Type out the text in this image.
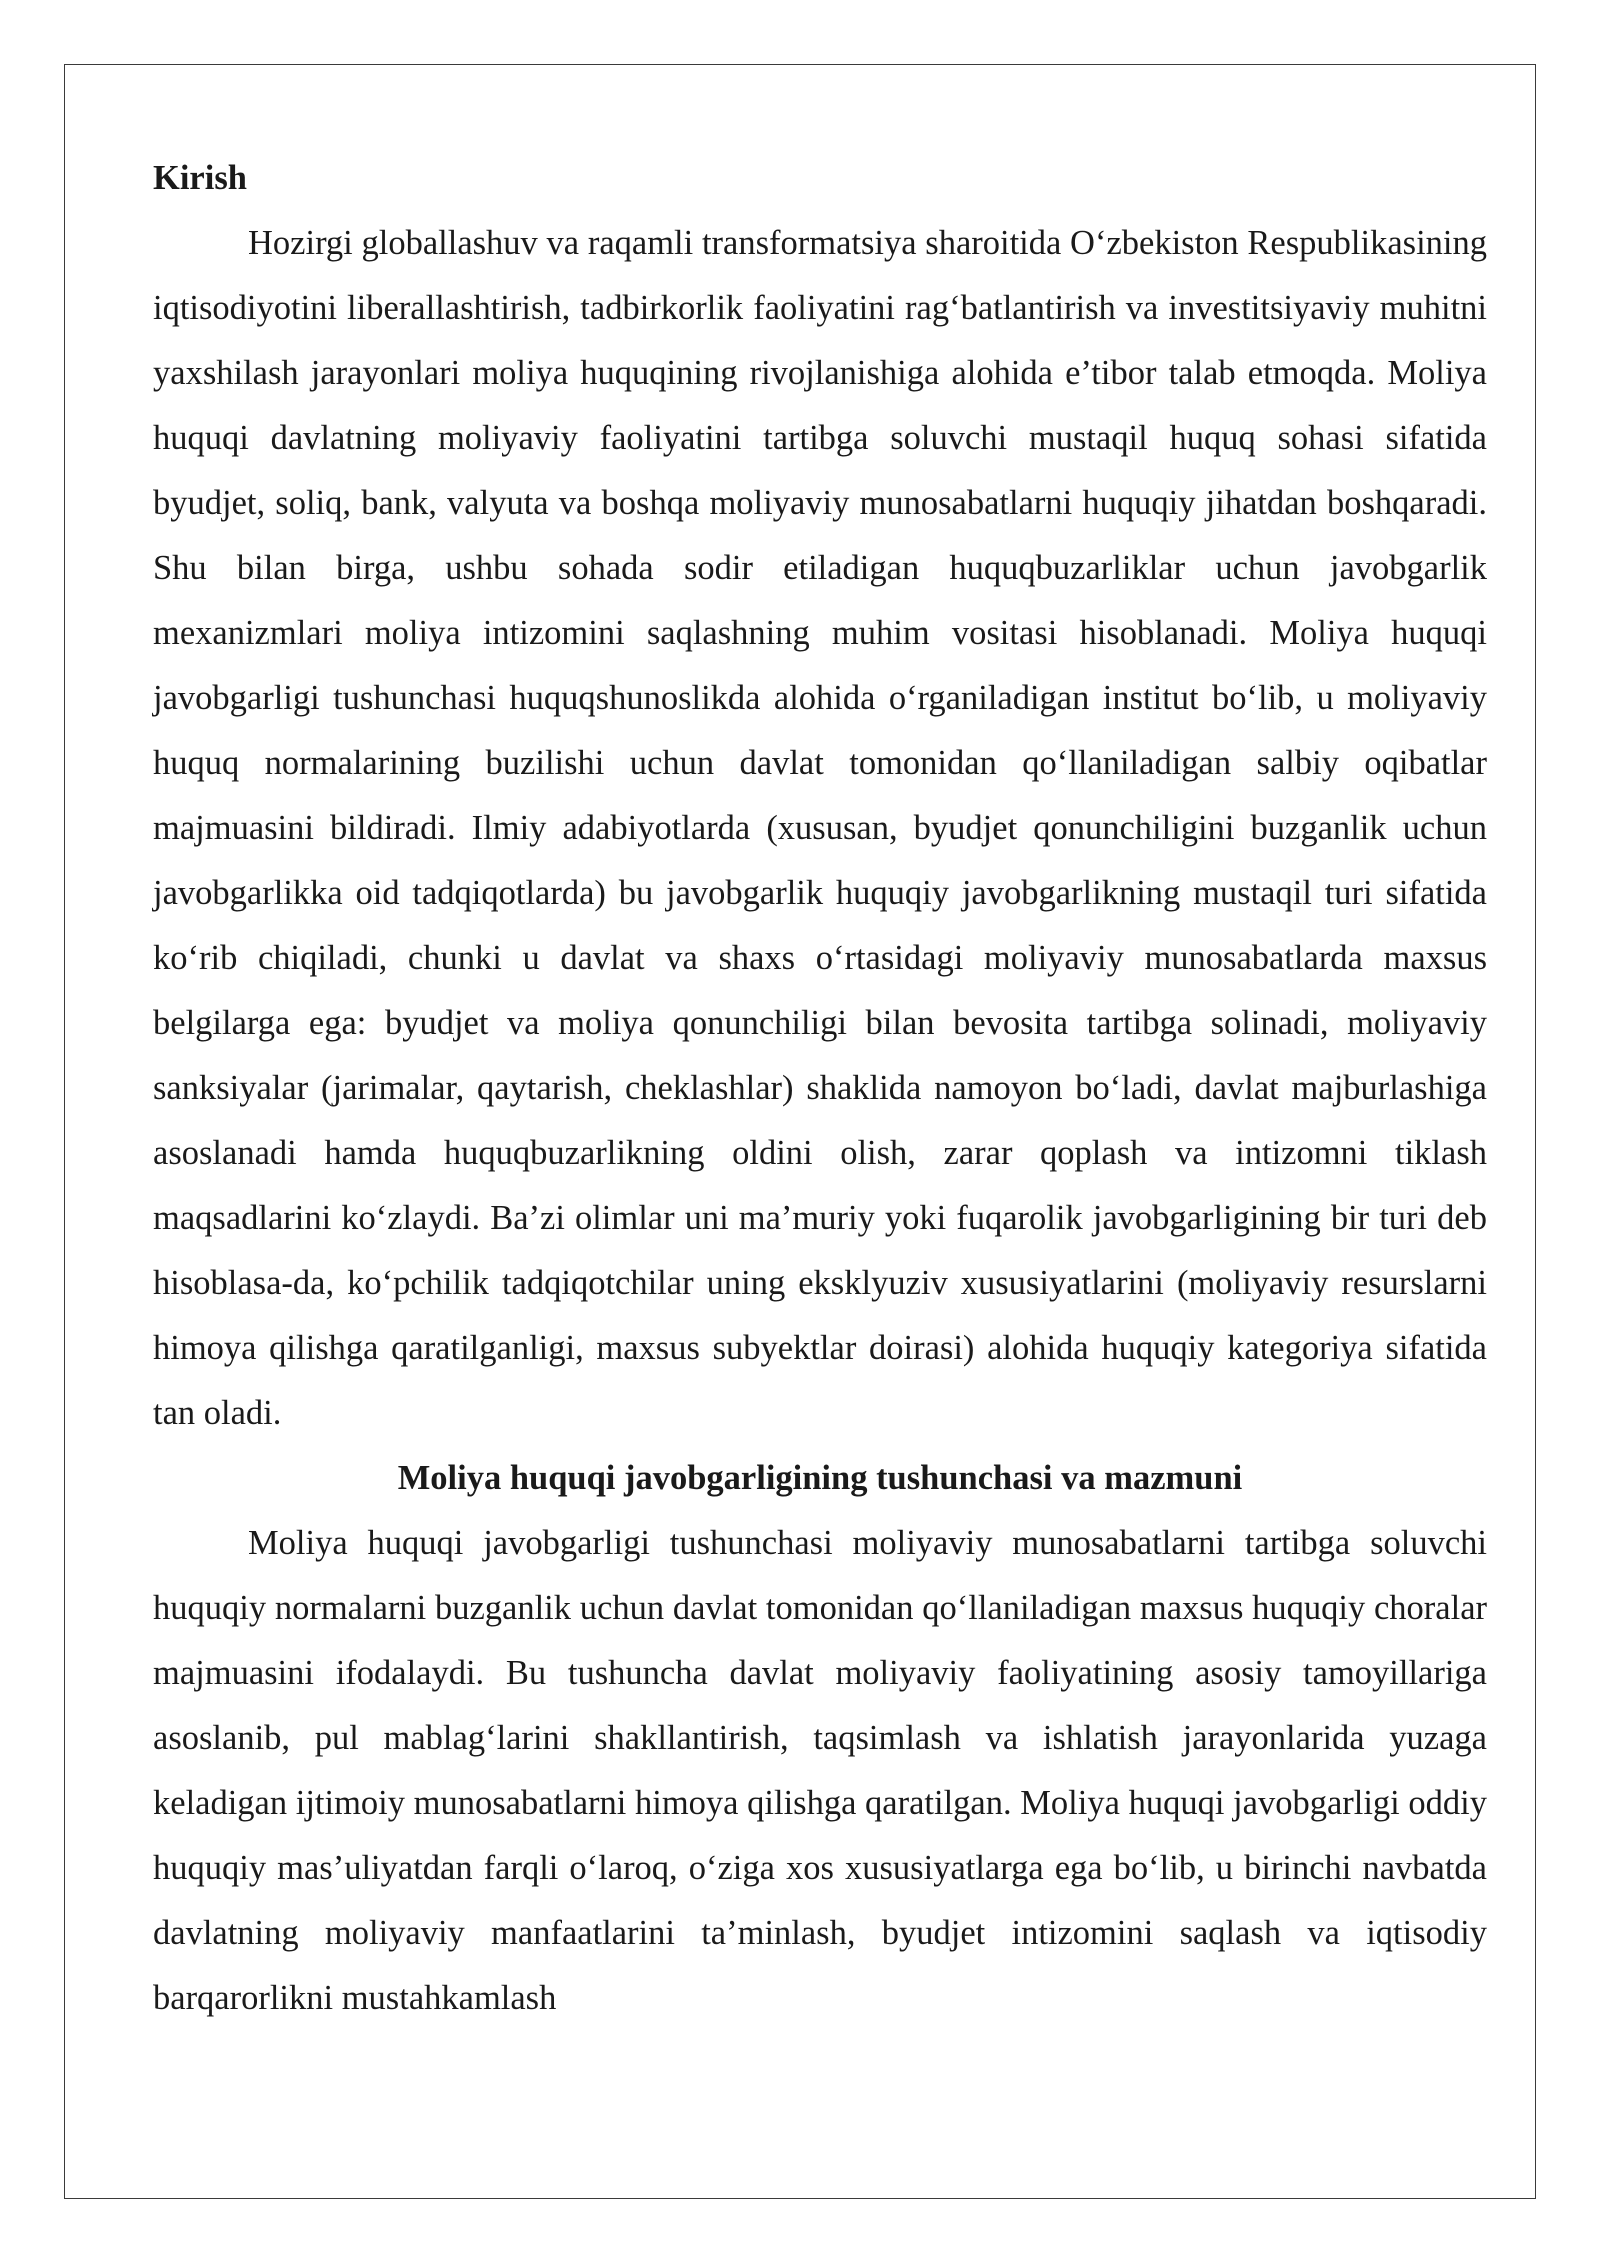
Kirish

Hozirgi globallashuv va raqamli transformatsiya sharoitida O‘zbekiston Respublikasining iqtisodiyotini liberallashtirish, tadbirkorlik faoliyatini rag‘batlantirish va investitsiyaviy muhitni yaxshilash jarayonlari moliya huquqining rivojlanishiga alohida e’tibor talab etmoqda. Moliya huquqi davlatning moliyaviy faoliyatini tartibga soluvchi mustaqil huquq sohasi sifatida byudjet, soliq, bank, valyuta va boshqa moliyaviy munosabatlarni huquqiy jihatdan boshqaradi. Shu bilan birga, ushbu sohada sodir etiladigan huquqbuzarliklar uchun javobgarlik mexanizmlari moliya intizomini saqlashning muhim vositasi hisoblanadi. Moliya huquqi javobgarligi tushunchasi huquqshunoslikda alohida o‘rganiladigan institut bo‘lib, u moliyaviy huquq normalarining buzilishi uchun davlat tomonidan qo‘llaniladigan salbiy oqibatlar majmuasini bildiradi. Ilmiy adabiyotlarda (xususan, byudjet qonunchiligini buzganlik uchun javobgarlikka oid tadqiqotlarda) bu javobgarlik huquqiy javobgarlikning mustaqil turi sifatida ko‘rib chiqiladi, chunki u davlat va shaxs o‘rtasidagi moliyaviy munosabatlarda maxsus belgilarga ega: byudjet va moliya qonunchiligi bilan bevosita tartibga solinadi, moliyaviy sanksiyalar (jarimalar, qaytarish, cheklashlar) shaklida namoyon bo‘ladi, davlat majburlashiga asoslanadi hamda huquqbuzarlikning oldini olish, zarar qoplash va intizomni tiklash maqsadlarini ko‘zlaydi. Ba’zi olimlar uni ma’muriy yoki fuqarolik javobgarligining bir turi deb hisoblasa-da, ko‘pchilik tadqiqotchilar uning eksklyuziv xususiyatlarini (moliyaviy resurslarni himoya qilishga qaratilganligi, maxsus subyektlar doirasi) alohida huquqiy kategoriya sifatida tan oladi.

Moliya huquqi javobgarligining tushunchasi va mazmuni

Moliya huquqi javobgarligi tushunchasi moliyaviy munosabatlarni tartibga soluvchi huquqiy normalarni buzganlik uchun davlat tomonidan qo‘llaniladigan maxsus huquqiy choralar majmuasini ifodalaydi. Bu tushuncha davlat moliyaviy faoliyatining asosiy tamoyillariga asoslanib, pul mablag‘larini shakllantirish, taqsimlash va ishlatish jarayonlarida yuzaga keladigan ijtimoiy munosabatlarni himoya qilishga qaratilgan. Moliya huquqi javobgarligi oddiy huquqiy mas’uliyatdan farqli o‘laroq, o‘ziga xos xususiyatlarga ega bo‘lib, u birinchi navbatda davlatning moliyaviy manfaatlarini ta’minlash, byudjet intizomini saqlash va iqtisodiy barqarorlikni mustahkamlash
